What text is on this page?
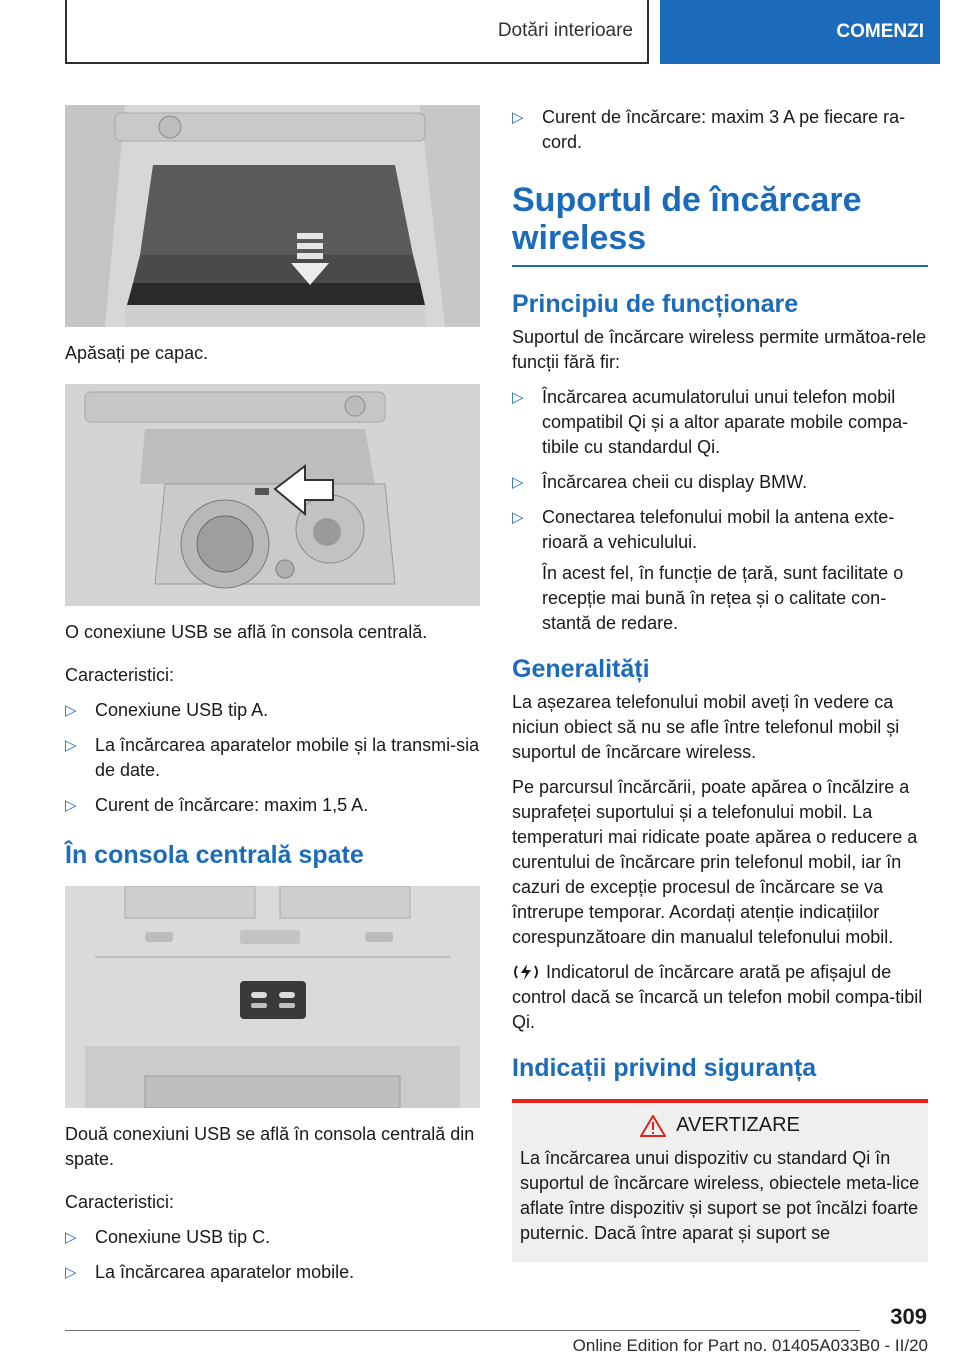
Dotări interioare	COMENZI

Apăsați pe capac.

O conexiune USB se află în consola centrală.

Caracteristici:

▷ Conexiune USB tip A.
▷ La încărcarea aparatelor mobile și la transmi-sia de date.
▷ Curent de încărcare: maxim 1,5 A.
În consola centrală spate

Două conexiuni USB se află în consola centrală din spate.

Caracteristici:

▷ Conexiune USB tip C.
▷ La încărcarea aparatelor mobile.
▷ Curent de încărcare: maxim 3 A pe fiecare ra-cord.
Suportul de încărcare wireless
Principiu de funcționare

Suportul de încărcare wireless permite următoa-rele funcții fără fir:

▷ Încărcarea acumulatorului unui telefon mobil compatibil Qi și a altor aparate mobile compa-tibile cu standardul Qi.
▷ Încărcarea cheii cu display BMW.
▷ Conectarea telefonului mobil la antena exte-rioară a vehiculului.

În acest fel, în funcție de țară, sunt facilitate o recepție mai bună în rețea și o calitate con-stantă de redare.

Generalități

La așezarea telefonului mobil aveți în vedere ca niciun obiect să nu se afle între telefonul mobil și suportul de încărcare wireless.

Pe parcursul încărcării, poate apărea o încălzire a suprafeței suportului și a telefonului mobil. La temperaturi mai ridicate poate apărea o reducere a curentului de încărcare prin telefonul mobil, iar în cazuri de excepție procesul de încărcare se va întrerupe temporar. Acordați atenție indicațiilor corespunzătoare din manualul telefonului mobil.

Indicatorul de încărcare arată pe afișajul de control dacă se încarcă un telefon mobil compa-tibil Qi.

Indicații privind siguranța
AVERTIZARE

La încărcarea unui dispozitiv cu standard Qi în suportul de încărcare wireless, obiectele meta-lice aflate între dispozitiv și suport se pot încălzi foarte puternic. Dacă între aparat și suport se

309
Online Edition for Part no. 01405A033B0 - II/20
